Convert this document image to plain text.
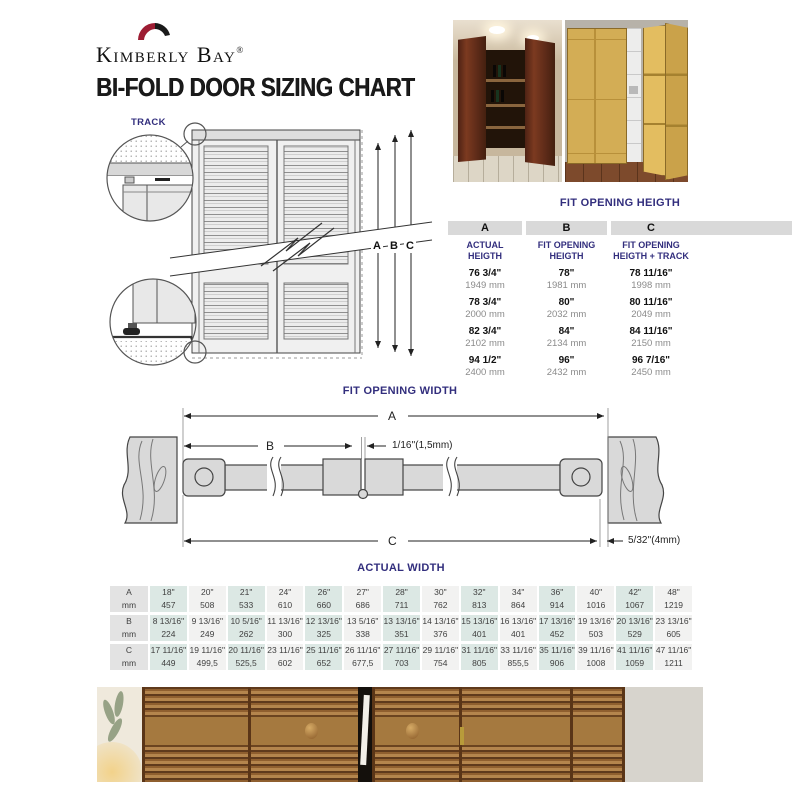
Kimberly Bay®
BI-FOLD DOOR SIZING CHART
TRACK
A B C
FIT OPENING HEIGTH
A	B	C
ACTUAL
HEIGTH
FIT OPENING
HEIGTH
FIT OPENING
HEIGTH + TRACK
76 3/4"
1949 mm
78"
1981 mm
78 11/16"
1998 mm
78 3/4"
2000 mm
80"
2032 mm
80 11/16"
2049 mm
82 3/4"
2102 mm
84"
2134 mm
84 11/16"
2150 mm
94 1/2"
2400 mm
96"
2432 mm
96 7/16"
2450 mm
FIT OPENING WIDTH
A
B
C
1/16''(1,5mm)
5/32''(4mm)
ACTUAL WIDTH
A
mm
18"
457
20"
508
21"
533
24"
610
26"
660
27"
686
28"
711
30"
762
32"
813
34"
864
36"
914
40"
1016
42"
1067
48"
1219
B
mm
8 13/16"
224
9 13/16"
249
10 5/16"
262
11 13/16"
300
12 13/16"
325
13 5/16"
338
13 13/16"
351
14 13/16"
376
15 13/16"
401
16 13/16"
401
17 13/16"
452
19 13/16"
503
20 13/16"
529
23 13/16"
605
C
mm
17 11/16"
449
19 11/16"
499,5
20 11/16"
525,5
23 11/16"
602
25 11/16"
652
26 11/16"
677,5
27 11/16"
703
29 11/16"
754
31 11/16"
805
33 11/16"
855,5
35 11/16"
906
39 11/16"
1008
41 11/16"
1059
47 11/16"
1211
